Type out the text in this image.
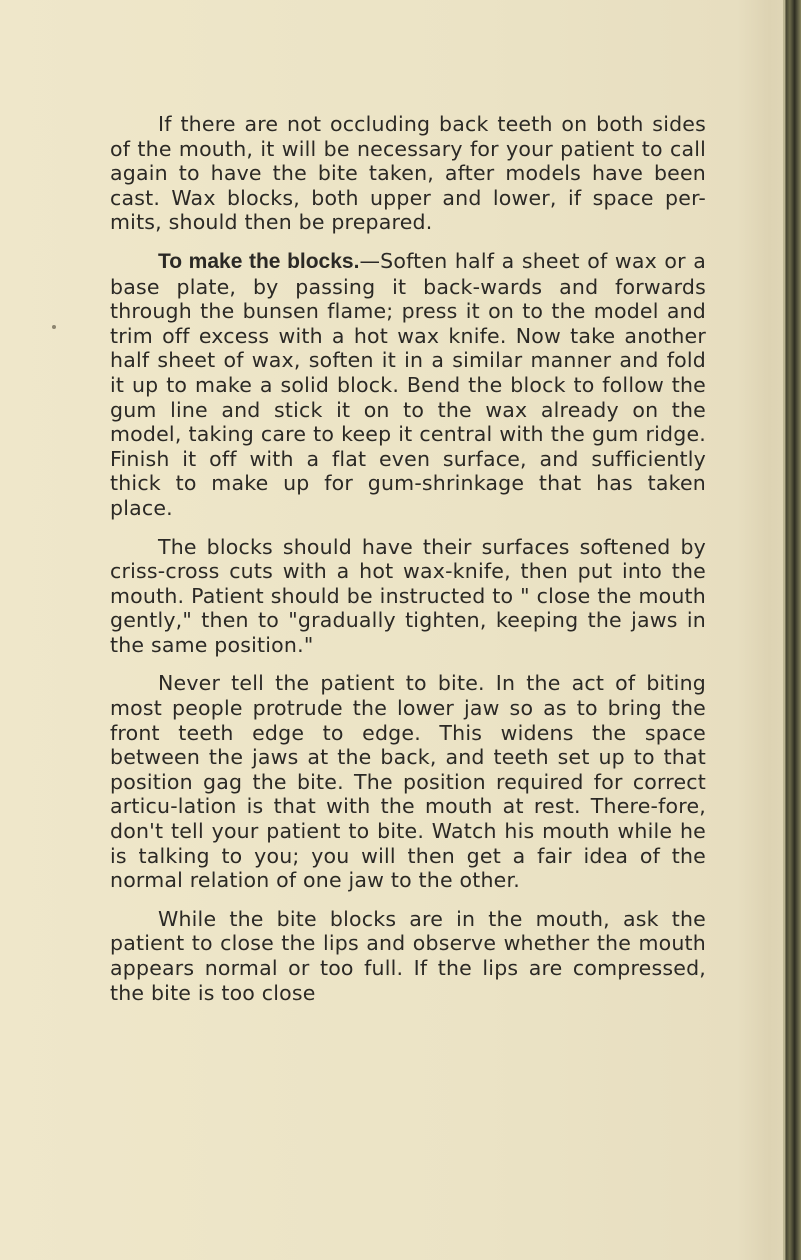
If there are not occluding back teeth on both sides of the mouth, it will be necessary for your patient to call again to have the bite taken, after models have been cast. Wax blocks, both upper and lower, if space per-mits, should then be prepared.

To make the blocks.—Soften half a sheet of wax or a base plate, by passing it back-wards and forwards through the bunsen flame; press it on to the model and trim off excess with a hot wax knife. Now take another half sheet of wax, soften it in a similar manner and fold it up to make a solid block. Bend the block to follow the gum line and stick it on to the wax already on the model, taking care to keep it central with the gum ridge. Finish it off with a flat even surface, and sufficiently thick to make up for gum-shrinkage that has taken place.

The blocks should have their surfaces softened by criss-cross cuts with a hot wax-knife, then put into the mouth. Patient should be instructed to " close the mouth gently," then to "gradually tighten, keeping the jaws in the same position."

Never tell the patient to bite. In the act of biting most people protrude the lower jaw so as to bring the front teeth edge to edge. This widens the space between the jaws at the back, and teeth set up to that position gag the bite. The position required for correct articu-lation is that with the mouth at rest. There-fore, don't tell your patient to bite. Watch his mouth while he is talking to you; you will then get a fair idea of the normal relation of one jaw to the other.

While the bite blocks are in the mouth, ask the patient to close the lips and observe whether the mouth appears normal or too full. If the lips are compressed, the bite is too close
